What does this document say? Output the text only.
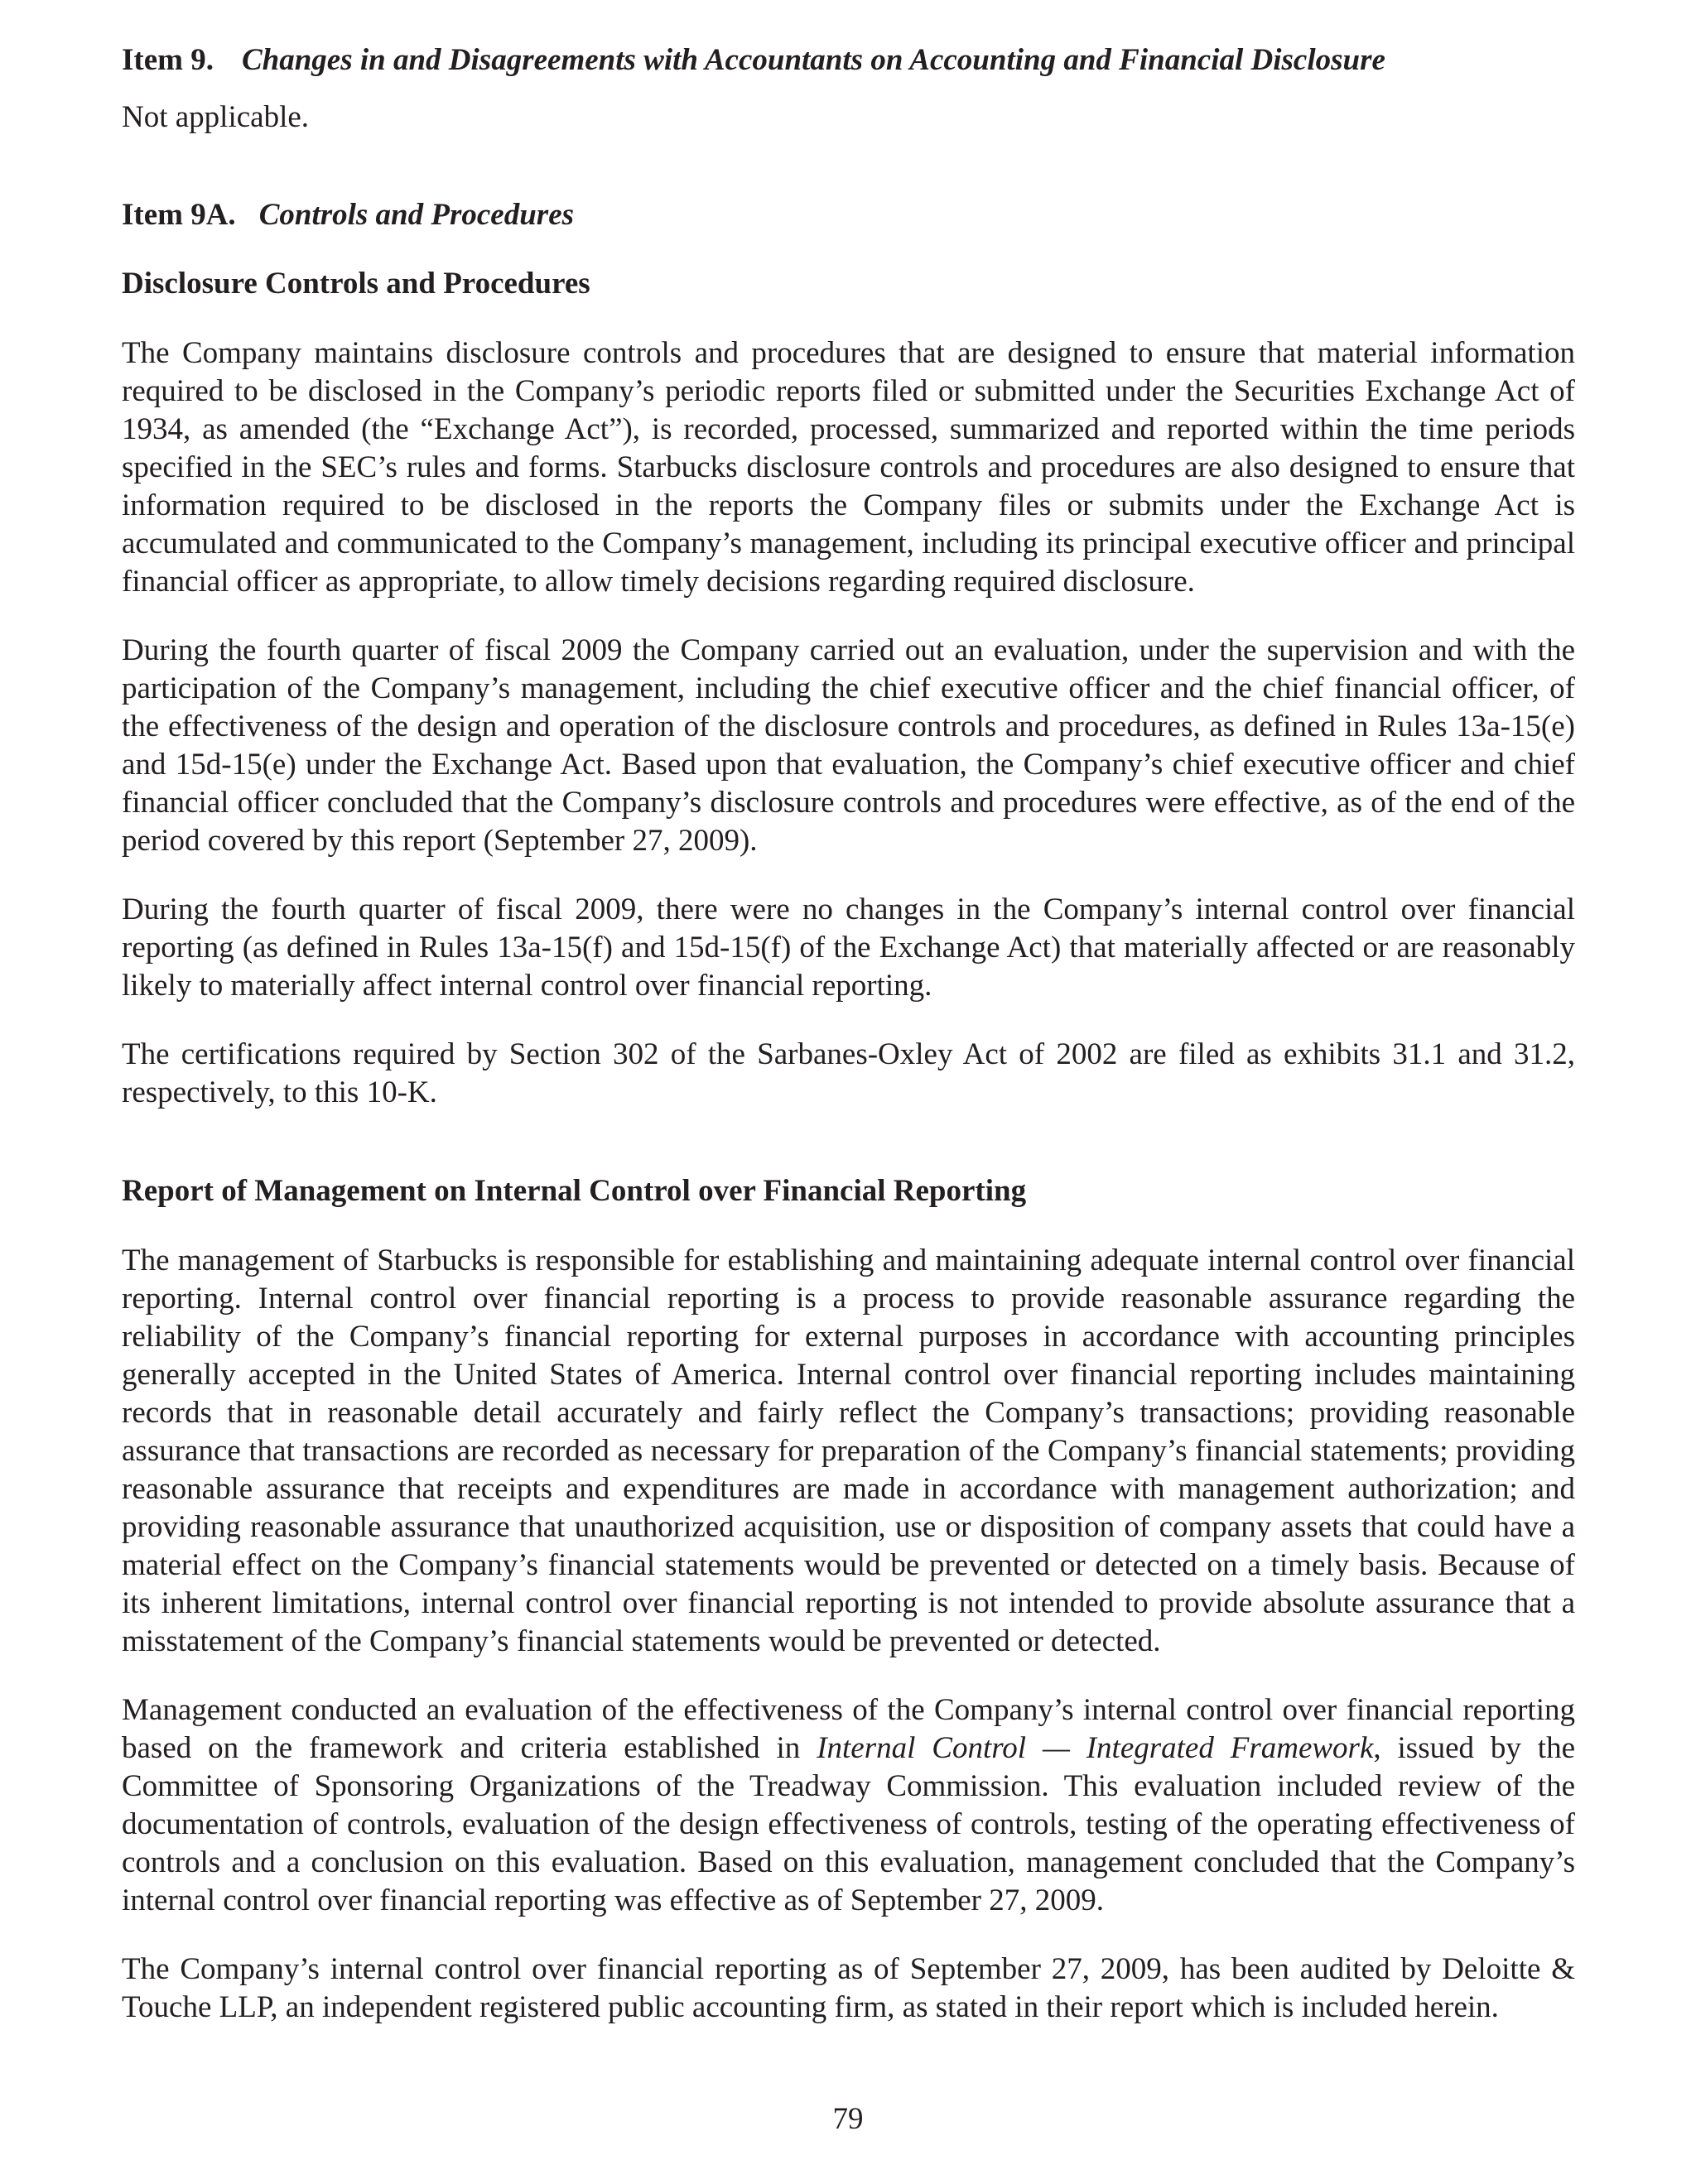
Item 9. Changes in and Disagreements with Accountants on Accounting and Financial Disclosure

Not applicable.

Item 9A. Controls and Procedures

Disclosure Controls and Procedures

The Company maintains disclosure controls and procedures that are designed to ensure that material information required to be disclosed in the Company’s periodic reports filed or submitted under the Securities Exchange Act of 1934, as amended (the “Exchange Act”), is recorded, processed, summarized and reported within the time periods specified in the SEC’s rules and forms. Starbucks disclosure controls and procedures are also designed to ensure that information required to be disclosed in the reports the Company files or submits under the Exchange Act is accumulated and communicated to the Company’s management, including its principal executive officer and principal financial officer as appropriate, to allow timely decisions regarding required disclosure.

During the fourth quarter of fiscal 2009 the Company carried out an evaluation, under the supervision and with the participation of the Company’s management, including the chief executive officer and the chief financial officer, of the effectiveness of the design and operation of the disclosure controls and procedures, as defined in Rules 13a-15(e) and 15d-15(e) under the Exchange Act. Based upon that evaluation, the Company’s chief executive officer and chief financial officer concluded that the Company’s disclosure controls and procedures were effective, as of the end of the period covered by this report (September 27, 2009).

During the fourth quarter of fiscal 2009, there were no changes in the Company’s internal control over financial reporting (as defined in Rules 13a-15(f) and 15d-15(f) of the Exchange Act) that materially affected or are reasonably likely to materially affect internal control over financial reporting.

The certifications required by Section 302 of the Sarbanes-Oxley Act of 2002 are filed as exhibits 31.1 and 31.2, respectively, to this 10-K.

Report of Management on Internal Control over Financial Reporting

The management of Starbucks is responsible for establishing and maintaining adequate internal control over financial reporting. Internal control over financial reporting is a process to provide reasonable assurance regarding the reliability of the Company’s financial reporting for external purposes in accordance with accounting principles generally accepted in the United States of America. Internal control over financial reporting includes maintaining records that in reasonable detail accurately and fairly reflect the Company’s transactions; providing reasonable assurance that transactions are recorded as necessary for preparation of the Company’s financial statements; providing reasonable assurance that receipts and expenditures are made in accordance with management authorization; and providing reasonable assurance that unauthorized acquisition, use or disposition of company assets that could have a material effect on the Company’s financial statements would be prevented or detected on a timely basis. Because of its inherent limitations, internal control over financial reporting is not intended to provide absolute assurance that a misstatement of the Company’s financial statements would be prevented or detected.

Management conducted an evaluation of the effectiveness of the Company’s internal control over financial reporting based on the framework and criteria established in Internal Control — Integrated Framework, issued by the Committee of Sponsoring Organizations of the Treadway Commission. This evaluation included review of the documentation of controls, evaluation of the design effectiveness of controls, testing of the operating effectiveness of controls and a conclusion on this evaluation. Based on this evaluation, management concluded that the Company’s internal control over financial reporting was effective as of September 27, 2009.

The Company’s internal control over financial reporting as of September 27, 2009, has been audited by Deloitte & Touche LLP, an independent registered public accounting firm, as stated in their report which is included herein.

79
